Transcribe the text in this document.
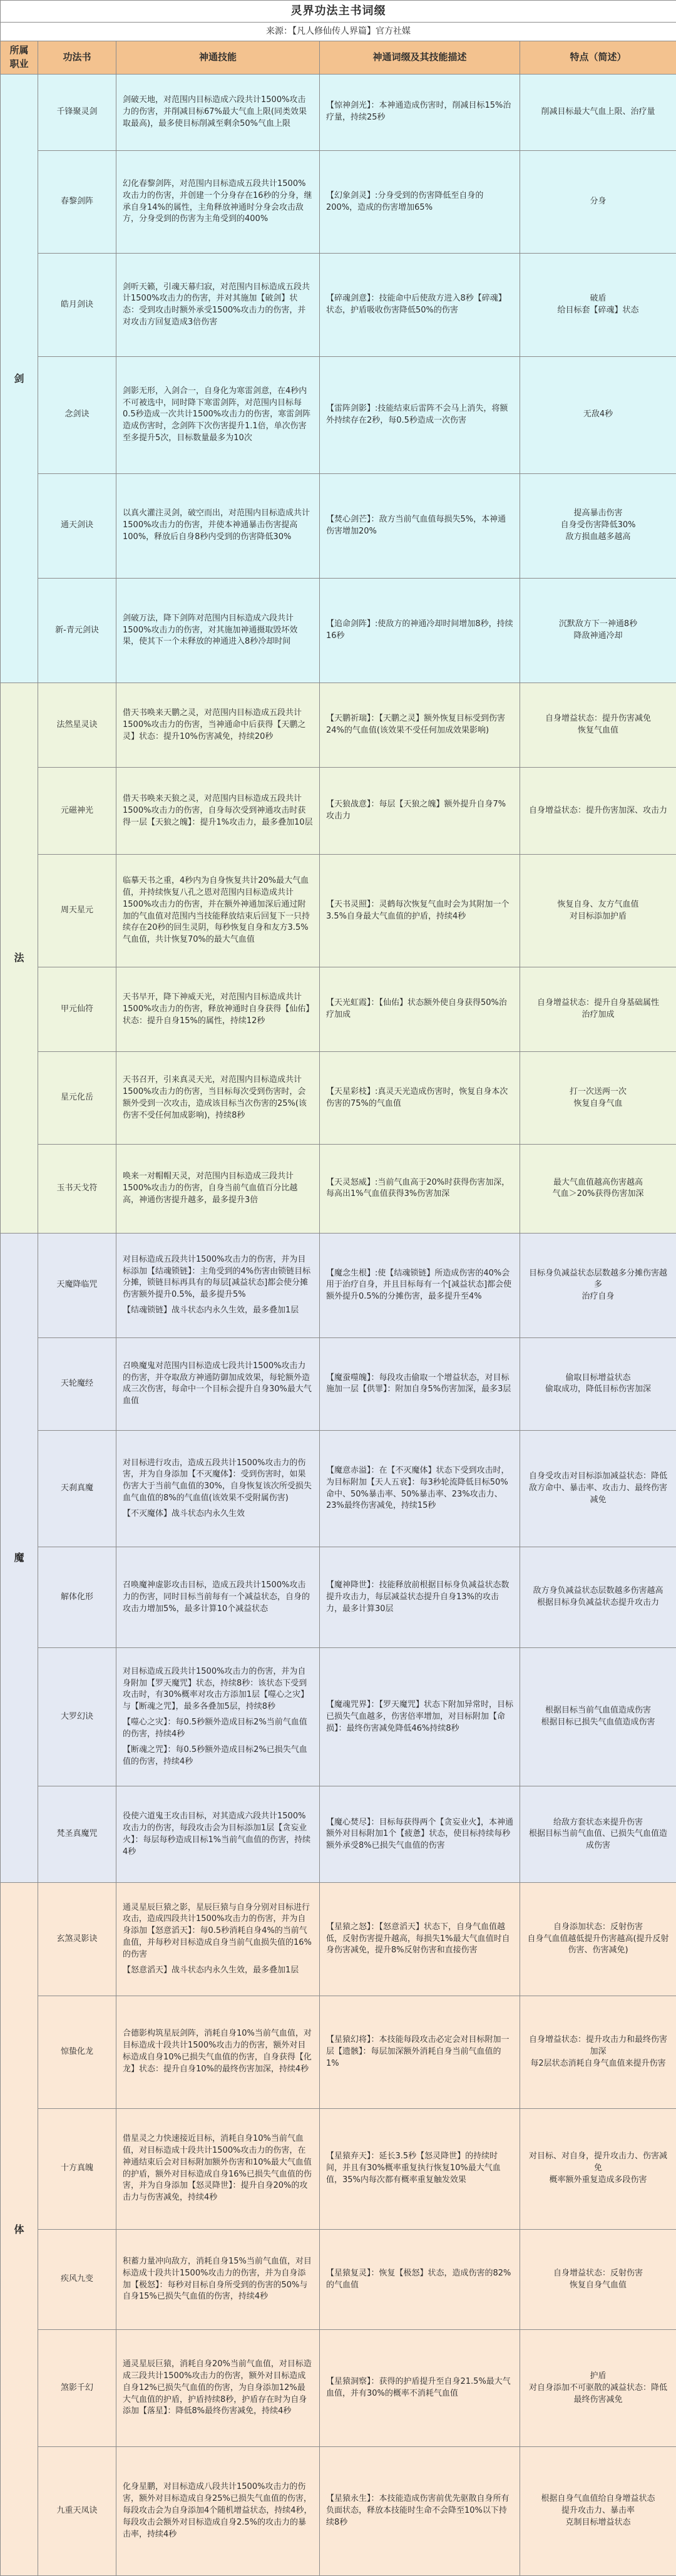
灵界功法主书词缀				
来源：【凡人修仙传人界篇】官方社媒				
所属职业	功法书	神通技能	神通词缀及其技能描述	特点（简述）
剑	千锋聚灵剑	剑破天地，对范围内目标造成六段共计1500%攻击力的伤害，并削减目标67%最大气血上限(同类效果取最高)，最多使目标削减至剩余50%气血上限	【惊神剑光】：本神通造成伤害时，削减目标15%治疗量，持续25秒	削减目标最大气血上限、治疗量

	春黎剑阵	幻化春黎剑阵，对范围内目标造成五段共计1500%攻击力的伤害，并创建一个分身存在16秒的分身，继承自身14%的属性，主角释放神通时分身会攻击敌方，分身受到的伤害为主角受到的400%	【幻象剑灵】:分身受到的伤害降低至自身的200%，造成的伤害增加65%	分身

	皓月剑诀	剑听天籁，引魂天幕归寂，对范围内目标造成五段共计1500%攻击力的伤害，并对其施加【破剑】状态：受到攻击时额外承受1500%攻击力的伤害，并对攻击方回复造成3倍伤害	【碎魂剑意】：技能命中后使敌方进入8秒【碎魂】状态，护盾吸收伤害降低50%的伤害	破盾
给目标套【碎魂】状态

	念剑诀	剑影无形，入剑合一，自身化为寒雷剑意，在4秒内不可被选中，同时降下寒雷剑阵，对范围内目标每0.5秒造成一次共计1500%攻击力的伤害，寒雷剑阵造成伤害时，念剑阵下次伤害提升1.1倍，单次伤害至多提升5次，目标数量最多为10次	【雷阵剑影】:技能结束后雷阵不会马上消失，将额外持续存在2秒，每0.5秒造成一次伤害	无敌4秒

	通天剑诀	以真火灌注灵剑，破空而出，对范围内目标造成共计1500%攻击力的伤害，并使本神通暴击伤害提高100%，释放后自身8秒内受到的伤害降低30%	【焚心剑芒】：敌方当前气血值每损失5%，本神通伤害增加20%	提高暴击伤害
自身受伤害降低30%
敌方损血越多越高

	新-青元剑诀	剑破万法，降下剑阵对范围内目标造成六段共计1500%攻击力的伤害，对其施加神通摄取毁坏效果，使其下一个未释放的神通进入8秒冷却时间	【追命剑阵】:使敌方的神通冷却时间增加8秒，持续16秒	沉默敌方下一神通8秒
降敌神通冷却

法	法然星灵诀	借天书唤来天鹏之灵，对范围内目标造成五段共计1500%攻击力的伤害，当神通命中后获得【天鹏之灵】状态：提升10%伤害减免，持续20秒	【天鹏祈瑞】：【天鹏之灵】额外恢复目标受到伤害24%的气血值(该效果不受任何加成效果影响)	自身增益状态：提升伤害减免
恢复气血值

	元磁神光	借天书唤来天狼之灵，对范围内目标造成五段共计1500%攻击力的伤害，自身每次受到神通攻击时获得一层【天狼之魄】：提升1%攻击力，最多叠加10层	【天狼战意】：每层【天狼之魄】额外提升自身7%攻击力	自身增益状态：提升伤害加深、攻击力

	周天星元	临摹天书之重，4秒内为自身恢复共计20%最大气血值，并持续恢复八孔之恩对范围内目标造成共计1500%攻击力的伤害，并在额外神通加深后通过附加的气血值对范围内当技能释放结束后回复下一只持续存在20秒的回生灵阴，每秒恢复自身和友方3.5%气血值，共计恢复70%的最大气血值	【天书灵照】：灵鹤每次恢复气血时会为其附加一个3.5%自身最大气血值的护盾，持续4秒	恢复自身、友方气血值
对目标添加护盾

	甲元仙符	天书早开，降下神威天光，对范围内目标造成共计1500%攻击力的伤害，释放神通时自身获得【仙佑】状态：提升自身15%的属性，持续12秒	【天光虹霞】：【仙佑】状态额外使自身获得50%治疗加成	自身增益状态：提升自身基础属性
治疗加成

	星元化岳	天书召开，引来真灵天光，对范围内目标造成共计1500%攻击力的伤害，当目标每次受到伤害时，会额外受到一次攻击，造成该目标当次伤害的25%(该伤害不受任何加成影响)，持续8秒	【天星彩枝】:真灵天光造成伤害时，恢复自身本次伤害的75%的气血值	打一次送两一次
恢复自身气血

	玉书天戈符	唤来一对帽帽天灵，对范围内目标造成三段共计1500%攻击力的伤害，自身当前气血值百分比越高，神通伤害提升越多，最多提升3倍	【天灵怒威】:当前气血高于20%时获得伤害加深，每高出1%气血值获得3%伤害加深	最大气血值越高伤害越高
气血＞20%获得伤害加深

魔	天魔降临咒	对目标造成五段共计1500%攻击力的伤害，并为目标添加【结魂锁链】：主角受到的4%伤害由锁链目标分摊，锁链目标再具有的每层[减益状态]都会使分摊伤害额外提升0.5%，最多提升5%
【结魂锁链】战斗状态内永久生效，最多叠加1层	【魔念生根】:使【结魂锁链】所造成伤害的40%会用于治疗自身，并且目标每有一个[减益状态]都会使额外提升0.5%的分摊伤害，最多提升至4%	目标身负减益状态层数越多分摊伤害越多
治疗自身

	天轮魔经	召唤魔鬼对范围内目标造成七段共计1500%攻击力的伤害，并夺取敌方神通防御加成效果，每轮额外造成三次伤害，每命中一个目标会提升自身30%最大气血值	【魔蚕噬魄】：每段攻击偷取一个增益状态，对目标施加一层【供罪】：附加自身5%伤害加深，最多3层	偷取目标增益状态
偷取成功，降低目标伤害加深

	天刹真魔	对目标进行攻击，造成五段共计1500%攻击力的伤害，并为自身添加【不灭魔体】：受到伤害时，如果伤害大于当前气血值的30%，自身恢复该次所受损失血气血值的8%的气血值(该效果不受附属伤害)
【不灭魔体】战斗状态内永久生效	【魔意赤溢】：在【不灭魔体】状态下受到攻击时，为目标附加【天人五衰】：每3秒轮流降低目标50%命中、50%暴击率、50%暴击率、23%攻击力、23%最终伤害减免，持续15秒	自身受攻击对目标添加减益状态：降低敌方命中、暴击率、攻击力、最终伤害减免

	解体化形	召唤魔神虚影攻击目标，造成五段共计1500%攻击力的伤害，同时目标当前每有一个减益状态，自身的攻击力增加5%，最多计算10个减益状态	【魔神降世】：技能释放前根据目标身负减益状态数提升攻击力，每层减益状态提升自身13%的攻击力，最多计算30层	敌方身负减益状态层数越多伤害越高
根据目标身负减益状态提升攻击力

	大罗幻诀	对目标造成五段共计1500%攻击力的伤害，并为自身附加【罗天魔咒】状态，持续8秒：该状态下受到攻击时，有30%概率对攻击方添加1层【噬心之灾】与【断魂之咒】，最多各叠加5层，持续8秒
【噬心之灾】：每0.5秒额外造成目标2%当前气血值的伤害，持续4秒
【断魂之咒】：每0.5秒额外造成目标2%已损失气血值的伤害，持续4秒	【魔魂咒界】：【罗天魔咒】状态下附加异常时，目标已损失气血越多，伤害倍率增加，对目标附加【命损】：最终伤害减免降低46%持续8秒	根据目标当前气血值造成伤害
根据目标已损失气血值造成伤害

	梵圣真魔咒	役使六道鬼王攻击目标，对其造成六段共计1500%攻击力的伤害，每段攻击会为目标添加1层【贪妄业火】：每层每秒造成目标1%当前气血值的伤害，持续4秒	【魔心焚尽】：目标每获得两个【贪妄业火】，本神通额外对目标附加1个【疲惫】状态，使目标持续每秒额外承受8%已损失气血值的伤害	给敌方套状态来提升伤害
根据目标当前气血值、已损失气血值造成伤害

体	玄煞灵影诀	通灵星辰巨猿之影，星辰巨猿与自身分别对目标进行攻击，造成四段共计1500%攻击力的伤害，并为自身添加【怒意滔天】：每0.5秒消耗自身4%的当前气血值，并每秒对目标造成自身当前气血损失值的16%的伤害
【怒意滔天】战斗状态内永久生效，最多叠加1层	【星猿之怒】：【怒意滔天】状态下，自身气血值越低，反射伤害提升越高，每损失1%最大气血值时自身伤害减免，提升8%反射伤害和直接伤害	自身添加状态：反射伤害
自身气血值越低提升伤害越高(提升反射伤害、伤害减免)

	惊蛰化龙	合德影构筑星辰剑阵，消耗自身10%当前气血值，对目标造成十段共计1500%攻击力的伤害，额外对目标造成自身10%已损失气血值的伤害，自身获得【化龙】状态：提升自身10%的最终伤害加深，持续4秒	【星猿幻将】：本技能每段攻击必定会对目标附加一层【遗骸】：每层加深额外消耗自身当前气血值的1%	自身增益状态：提升攻击力和最终伤害加深
每2层状态消耗自身气血值来提升伤害

	十方真魄	借星灵之力快速接近目标，消耗自身10%当前气血值，对目标造成十段共计1500%攻击力的伤害，在神通结束后会对目标附加额外伤害和10%最大气血值的护盾，额外对目标造成自身16%已损失气血值的伤害，并为自身添加【怒灵降世】：提升自身20%的攻击力与伤害减免，持续4秒	【星猿弃天】：延长3.5秒【怒灵降世】的持续时间，并且有30%概率重复执行恢复10%最大气血值，35%内每次都有概率重复触发效果	对目标、对自身，提升攻击力、伤害减免
概率额外重复造成多段伤害

	疾风九变	积蓄力量冲向敌方，消耗自身15%当前气血值，对目标造成十段共计1500%攻击力的伤害，并为自身添加【极怒】：每秒对目标自身所受到的伤害的50%与自身15%已损失气血值的伤害，持续4秒	【星猿复灵】：恢复【极怒】状态，造成伤害的82%的气血值	自身增益状态：反射伤害
恢复自身气血值

	煞影千幻	通灵星辰巨猿，消耗自身20%当前气血值，对目标造成三段共计1500%攻击力的伤害，额外对目标造成自身12%已损失气血值的伤害，为自身添加12%最大气血值的护盾，护盾持续8秒，护盾存在时为自身添加【落星】：降低8%最终伤害减免，持续4秒	【星猿洞察】：获得的护盾提升至自身21.5%最大气血值，并有30%的概率不消耗气血值	护盾
对自身添加不可驱散的减益状态：降低最终伤害减免

	九重天凤诀	化身星鹏，对目标造成八段共计1500%攻击力的伤害，额外对目标造成自身25%已损失气血值的伤害，每段攻击会为自身添加4个随机增益状态，持续4秒，每段攻击会额外对目标造成自身2.5%的攻击力的暴击率，持续4秒	【星猿永生】：本技能造成伤害前优先驱散自身所有负面状态，释放本技能时生命不会降至10%以下持续8秒	根据自身气血值给自身增益状态
提升攻击力、暴击率
克制目标增益状态
